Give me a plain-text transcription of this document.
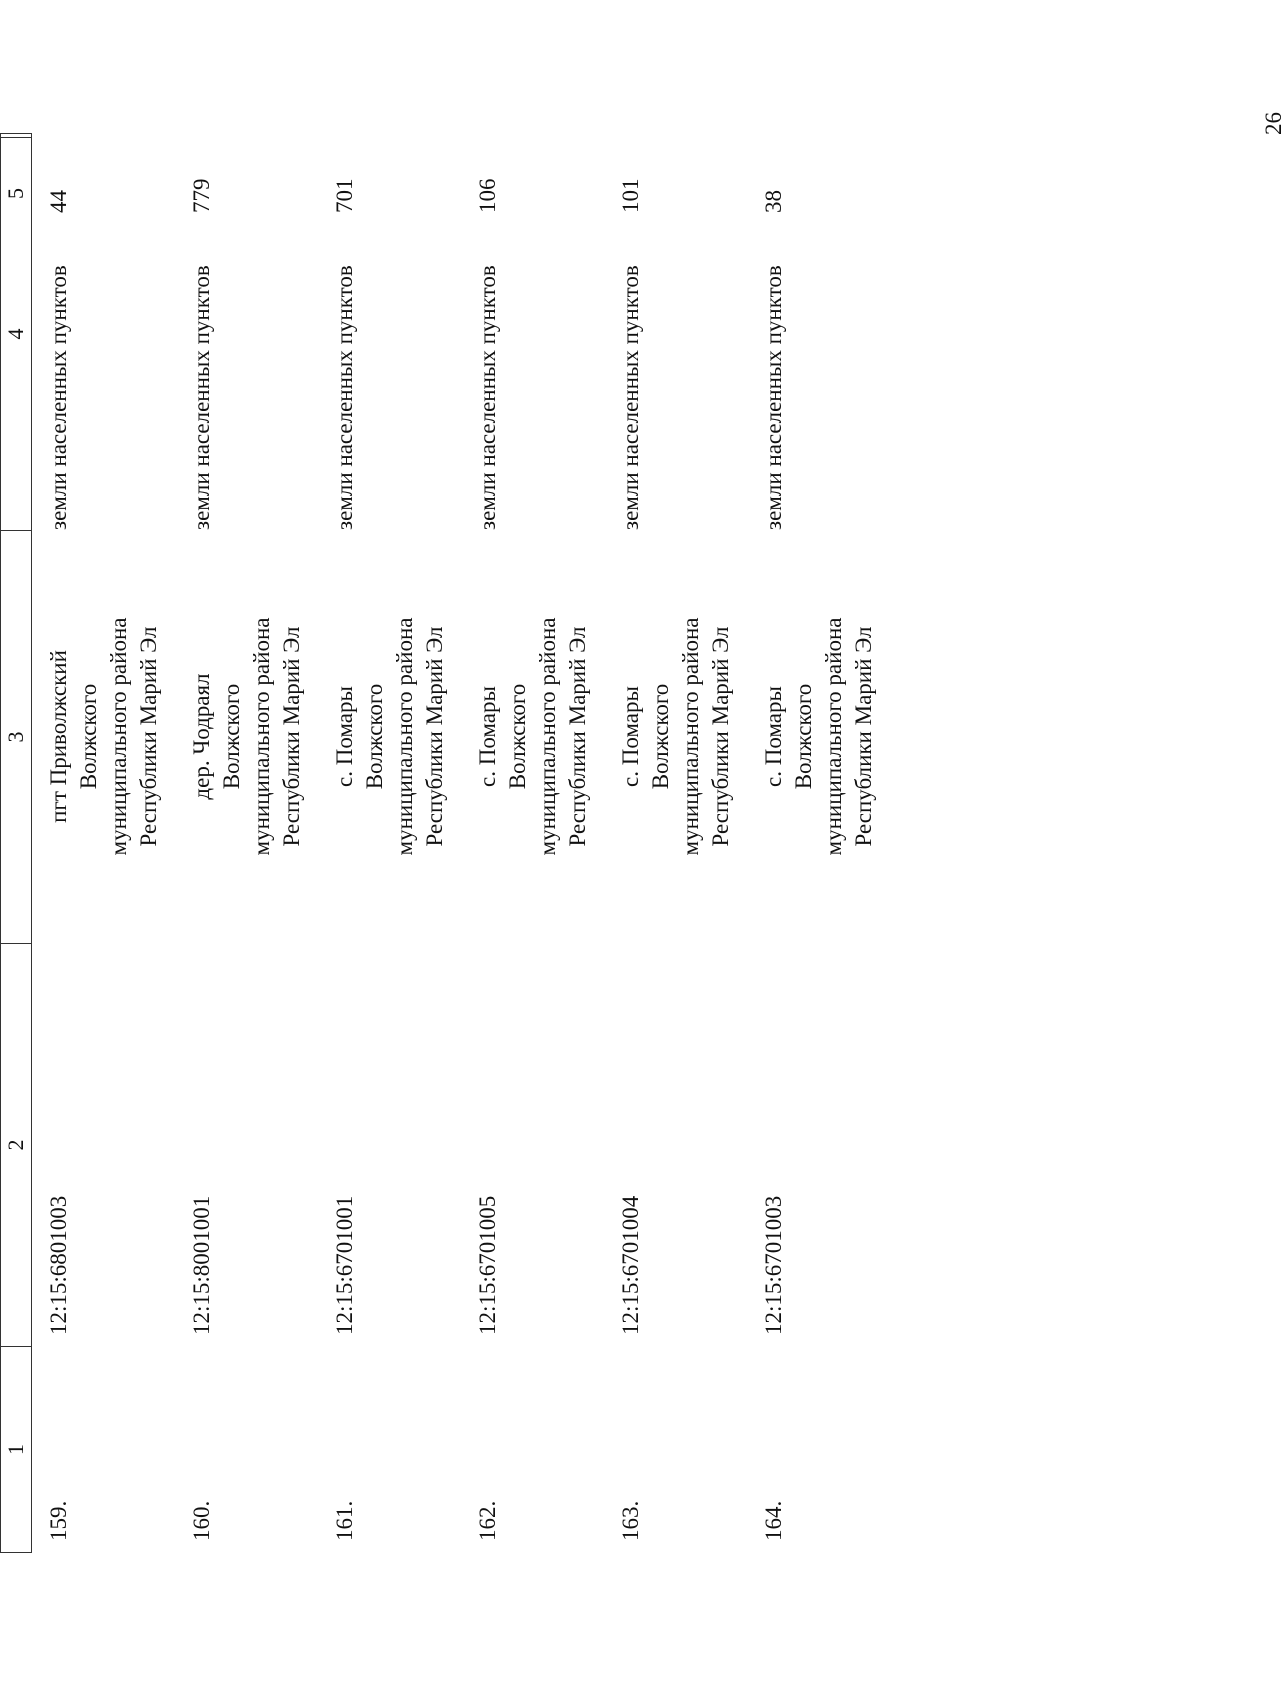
26
1
2
3
4
5
159.
12:15:6801003
пгт Приволжский Волжского муниципального района Республики Марий Эл
земли населенных пунктов
44
160.
12:15:8001001
дер. Чодраял Волжского муниципального района Республики Марий Эл
земли населенных пунктов
779
161.
12:15:6701001
с. Помары Волжского муниципального района Республики Марий Эл
земли населенных пунктов
701
162.
12:15:6701005
с. Помары Волжского муниципального района Республики Марий Эл
земли населенных пунктов
106
163.
12:15:6701004
с. Помары Волжского муниципального района Республики Марий Эл
земли населенных пунктов
101
164.
12:15:6701003
с. Помары Волжского муниципального района Республики Марий Эл
земли населенных пунктов
38
